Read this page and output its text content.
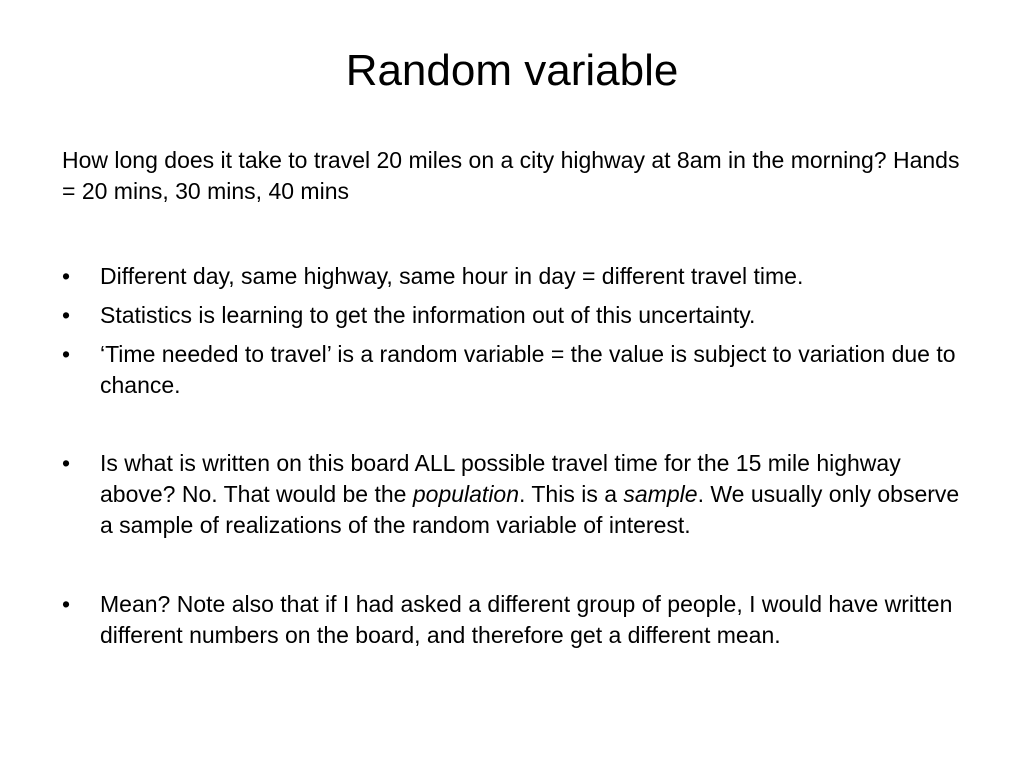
Random variable

How long does it take to travel 20 miles on a city highway at 8am in the morning? Hands = 20 mins, 30 mins, 40 mins

• Different day, same highway, same hour in day = different travel time.
• Statistics is learning to get the information out of this uncertainty.
• ‘Time needed to travel’ is a random variable = the value is subject to variation due to chance.
• Is what is written on this board ALL possible travel time for the 15 mile highway above? No. That would be the population. This is a sample. We usually only observe a sample of realizations of the random variable of interest.
• Mean? Note also that if I had asked a different group of people, I would have written different numbers on the board, and therefore get a different mean.
